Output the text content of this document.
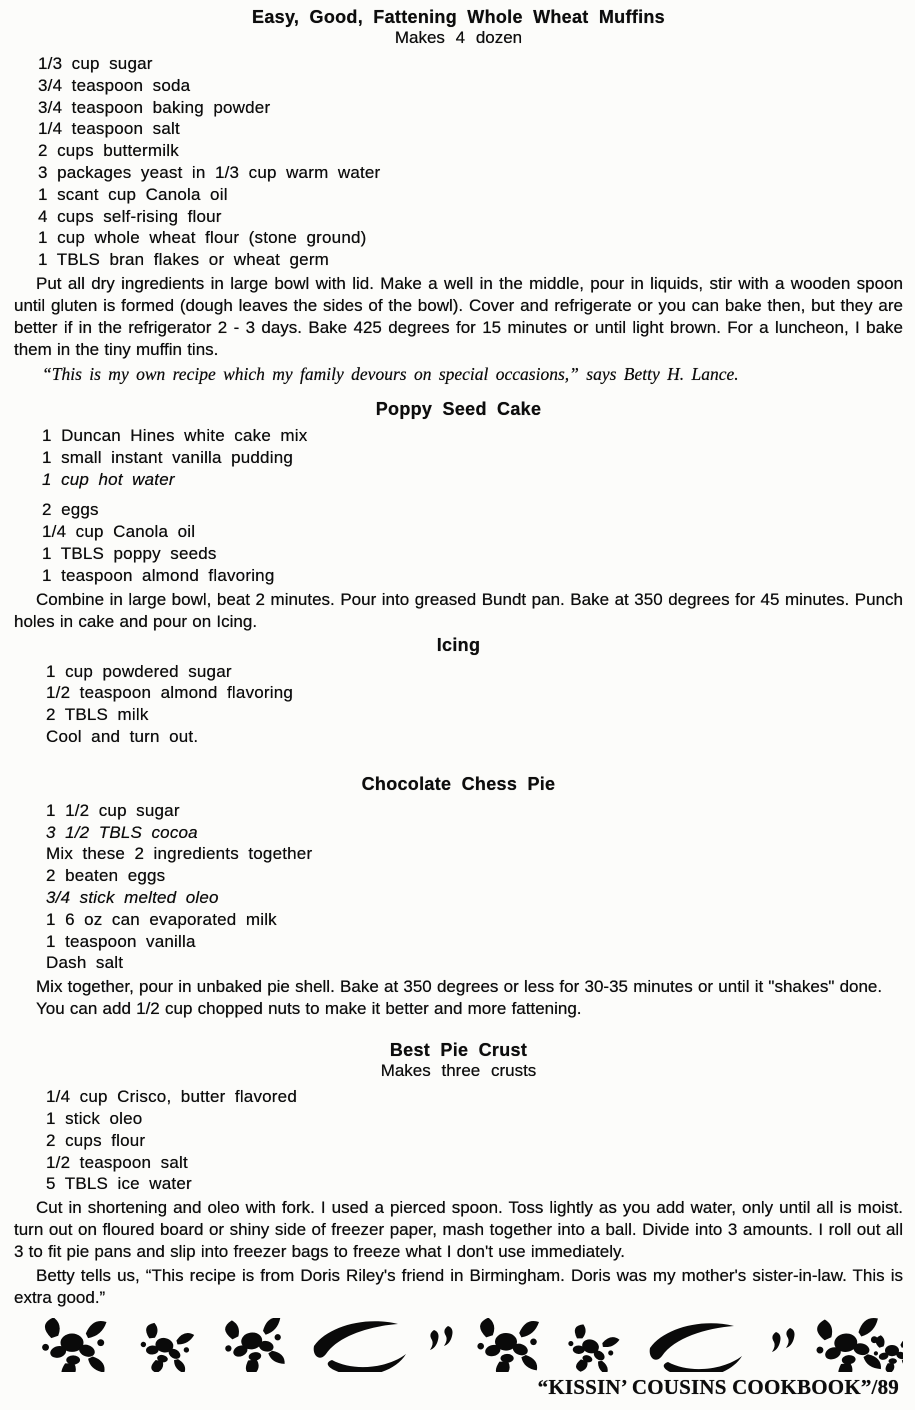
Easy, Good, Fattening Whole Wheat Muffins
Makes 4 dozen
1/3 cup sugar
3/4 teaspoon soda
3/4 teaspoon baking powder
1/4 teaspoon salt
2 cups buttermilk
3 packages yeast in 1/3 cup warm water
1 scant cup Canola oil
4 cups self-rising flour
1 cup whole wheat flour (stone ground)
1 TBLS bran flakes or wheat germ

Put all dry ingredients in large bowl with lid. Make a well in the middle, pour in liquids, stir with a wooden spoon until gluten is formed (dough leaves the sides of the bowl). Cover and refrigerate or you can bake then, but they are better if in the refrigerator 2 - 3 days. Bake 425 degrees for 15 minutes or until light brown. For a luncheon, I bake them in the tiny muffin tins.

“This is my own recipe which my family devours on special occasions,” says Betty H. Lance.

Poppy Seed Cake
1 Duncan Hines white cake mix
1 small instant vanilla pudding
1 cup hot water
2 eggs
1/4 cup Canola oil
1 TBLS poppy seeds
1 teaspoon almond flavoring

Combine in large bowl, beat 2 minutes. Pour into greased Bundt pan. Bake at 350 degrees for 45 minutes. Punch holes in cake and pour on Icing.

Icing
1 cup powdered sugar
1/2 teaspoon almond flavoring
2 TBLS milk
Cool and turn out.
Chocolate Chess Pie
1 1/2 cup sugar
3 1/2 TBLS cocoa
Mix these 2 ingredients together
2 beaten eggs
3/4 stick melted oleo
1 6 oz can evaporated milk
1 teaspoon vanilla
Dash salt

Mix together, pour in unbaked pie shell. Bake at 350 degrees or less for 30-35 minutes or until it "shakes" done.

You can add 1/2 cup chopped nuts to make it better and more fattening.

Best Pie Crust
Makes three crusts
1/4 cup Crisco, butter flavored
1 stick oleo
2 cups flour
1/2 teaspoon salt
5 TBLS ice water

Cut in shortening and oleo with fork. I used a pierced spoon. Toss lightly as you add water, only until all is moist. turn out on floured board or shiny side of freezer paper, mash together into a ball. Divide into 3 amounts. I roll out all 3 to fit pie pans and slip into freezer bags to freeze what I don't use immediately.

Betty tells us, “This recipe is from Doris Riley's friend in Birmingham. Doris was my mother's sister-in-law. This is extra good.”

“KISSIN’ COUSINS COOKBOOK”/89
